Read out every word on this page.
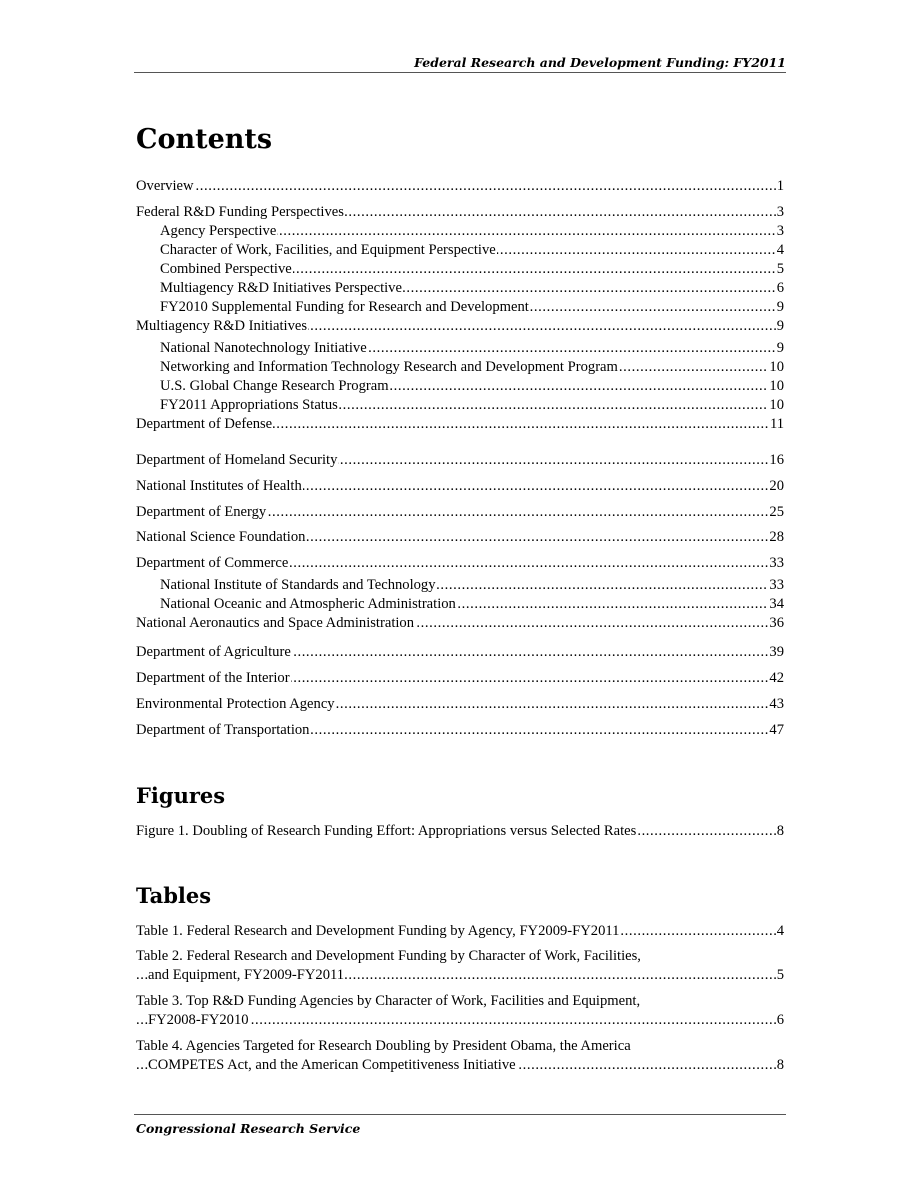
Federal Research and Development Funding: FY2011
Contents
Overview	1
.....
Federal R&D Funding Perspectives	3
.....
Agency Perspective	3
.....
Character of Work, Facilities, and Equipment Perspective	4
.....
Combined Perspective	5
.....
Multiagency R&D Initiatives Perspective	6
.....
FY2010 Supplemental Funding for Research and Development	9
.....
Multiagency R&D Initiatives	9
.....
National Nanotechnology Initiative	9
.....
Networking and Information Technology Research and Development Program	10
.....
U.S. Global Change Research Program	10
.....
FY2011 Appropriations Status	10
.....
Department of Defense	11
.....
Department of Homeland Security	16
.....
National Institutes of Health	20
.....
Department of Energy	25
.....
National Science Foundation	28
.....
Department of Commerce	33
.....
National Institute of Standards and Technology	33
.....
National Oceanic and Atmospheric Administration	34
.....
National Aeronautics and Space Administration	36
.....
Department of Agriculture	39
.....
Department of the Interior	42
.....
Environmental Protection Agency	43
.....
Department of Transportation	47
.....
Figures
Figure 1. Doubling of Research Funding Effort: Appropriations versus Selected Rates	8
.....
Tables
Table 1. Federal Research and Development Funding by Agency, FY2009-FY2011	4
.....
Table 2. Federal Research and Development Funding by Character of Work, Facilities,
and Equipment, FY2009-FY2011	5
.....
Table 3. Top R&D Funding Agencies by Character of Work, Facilities and Equipment,
FY2008-FY2010	6
.....
Table 4. Agencies Targeted for Research Doubling by President Obama, the America
COMPETES Act, and the American Competitiveness Initiative	8
.....
Congressional Research Service
